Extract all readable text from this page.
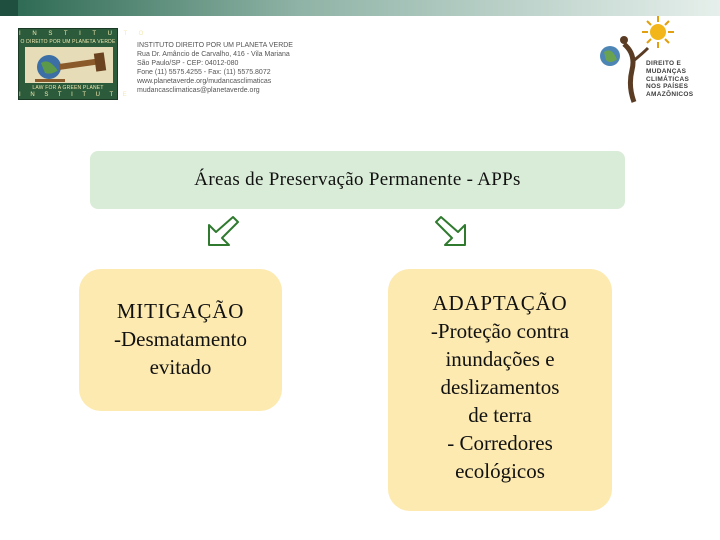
I N S T I T U T O
O DIREITO POR UM PLANETA VERDE
LAW FOR A GREEN PLANET
I N S T I T U T E
INSTITUTO DIREITO POR UM PLANETA VERDE
Rua Dr. Amâncio de Carvalho, 416 - Vila Mariana
São Paulo/SP - CEP: 04012-080
Fone (11) 5575.4255 - Fax: (11) 5575.8072
www.planetaverde.org/mudancasclimaticas
mudancasclimaticas@planetaverde.org
DIREITO E
MUDANÇAS
CLIMÁTICAS
NOS PAÍSES
AMAZÔNICOS
Áreas de Preservação Permanente - APPs
MITIGAÇÃO
-Desmatamento
evitado
ADAPTAÇÃO
-Proteção contra
inundações e
deslizamentos
de terra
- Corredores
ecológicos
